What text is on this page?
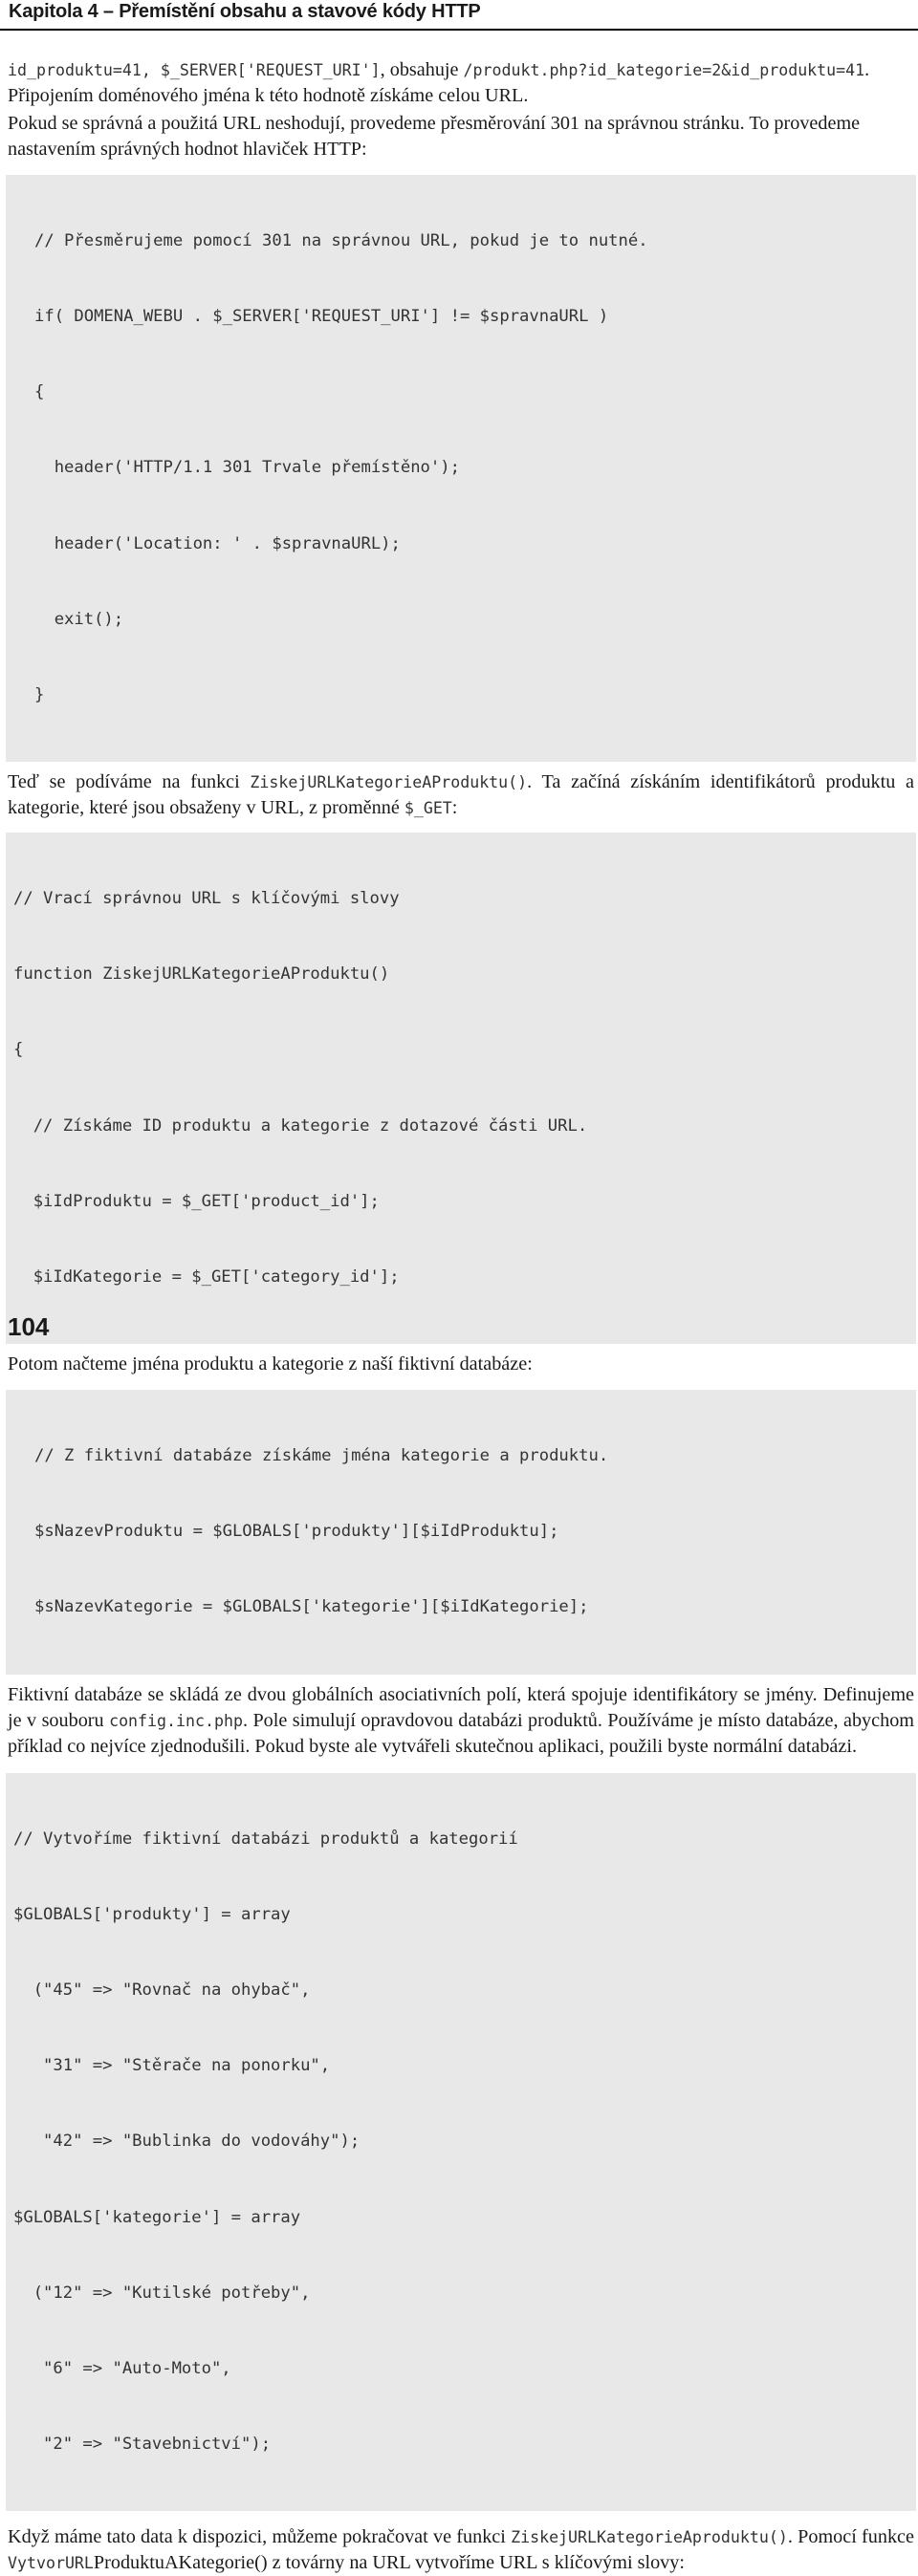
Kapitola 4 – Přemístění obsahu a stavové kódy HTTP

id_produktu=41, $_SERVER['REQUEST_URI'], obsahuje /produkt.php?id_kategorie=2&id_produktu=41. Připojením doménového jména k této hodnotě získáme celou URL.

Pokud se správná a použitá URL neshodují, provedeme přesměrování 301 na správnou stránku. To provedeme nastavením správných hodnot hlaviček HTTP:

// Přesměrujeme pomocí 301 na správnou URL, pokud je to nutné.

if( DOMENA_WEBU . $_SERVER['REQUEST_URI'] != $spravnaURL )

{

header('HTTP/1.1 301 Trvale přemístěno');

header('Location: ' . $spravnaURL);

exit();

}

Teď se podíváme na funkci ZiskejURLKategorieAProduktu(). Ta začíná získáním identifikátorů produktu a kategorie, které jsou obsaženy v URL, z proměnné $_GET:

// Vrací správnou URL s klíčovými slovy

function ZiskejURLKategorieAProduktu()

{

// Získáme ID produktu a kategorie z dotazové části URL.

$iIdProduktu = $_GET['product_id'];

$iIdKategorie = $_GET['category_id'];

Potom načteme jména produktu a kategorie z naší fiktivní databáze:

// Z fiktivní databáze získáme jména kategorie a produktu.

$sNazevProduktu = $GLOBALS['produkty'][$iIdProduktu];

$sNazevKategorie = $GLOBALS['kategorie'][$iIdKategorie];

Fiktivní databáze se skládá ze dvou globálních asociativních polí, která spojuje identifikátory se jmény. Definujeme je v souboru config.inc.php. Pole simulují opravdovou databázi produktů. Používáme je místo databáze, abychom příklad co nejvíce zjednodušili. Pokud byste ale vytvářeli skutečnou aplikaci, použili byste normální databázi.

// Vytvoříme fiktivní databázi produktů a kategorií

$GLOBALS['produkty'] = array

("45" => "Rovnač na ohybač",

"31" => "Stěrače na ponorku",

"42" => "Bublinka do vodováhy");

$GLOBALS['kategorie'] = array

("12" => "Kutilské potřeby",

"6" => "Auto-Moto",

"2" => "Stavebnictví");

Když máme tato data k dispozici, můžeme pokračovat ve funkci ZiskejURLKategorieAproduktu(). Pomocí funkce VytvorURLProduktuAKategorie() z továrny na URL vytvoříme URL s klíčovými slovy:

104
